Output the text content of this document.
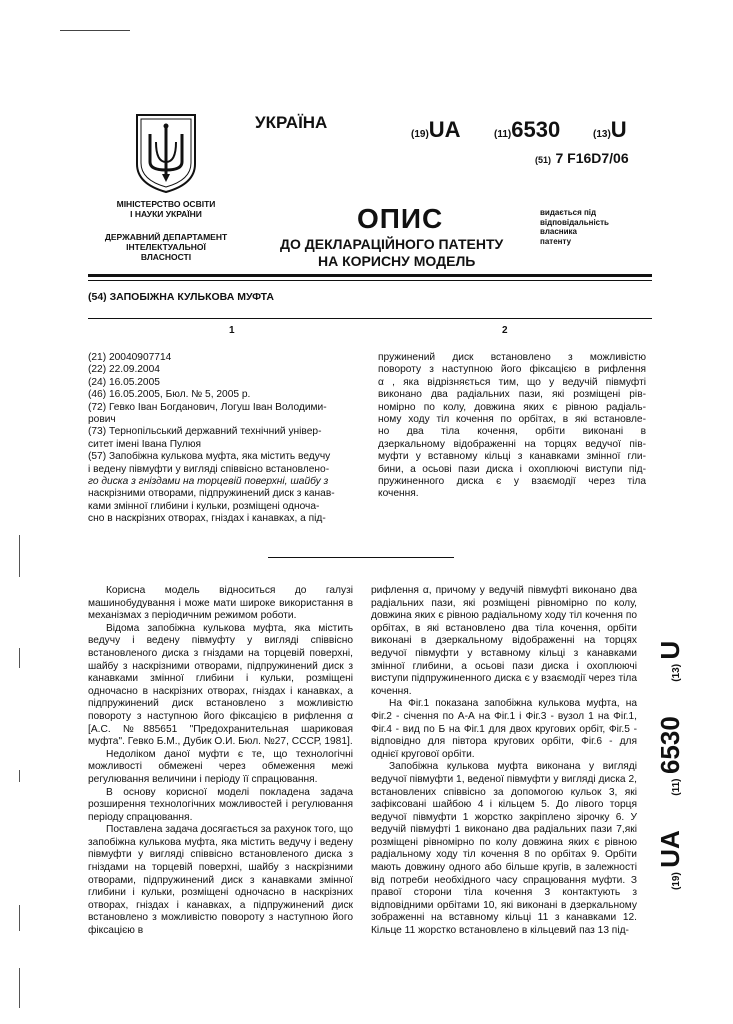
МІНІСТЕРСТВО ОСВІТИ
І НАУКИ УКРАЇНИ
ДЕРЖАВНИЙ ДЕПАРТАМЕНТ
ІНТЕЛЕКТУАЛЬНОЇ
ВЛАСНОСТІ
УКРАЇНА
(19)UA	(11)6530	(13)U
(51) 7 F16D7/06
ОПИС
ДО ДЕКЛАРАЦІЙНОГО ПАТЕНТУ
НА КОРИСНУ МОДЕЛЬ
видається під
відповідальність
власника
патенту
(54) ЗАПОБІЖНА КУЛЬКОВА МУФТА
1	2
(21) 20040907714
(22) 22.09.2004
(24) 16.05.2005
(46) 16.05.2005, Бюл. № 5, 2005 р.
(72) Гевко Іван Богданович, Логуш Іван Володими-
рович
(73) Тернопільський державний технічний універ-
ситет імені Івана Пулюя
(57) Запобіжна кулькова муфта, яка містить ведучу
і ведену півмуфти у вигляді співвісно встановлено-
го диска з гніздами на торцевій поверхні, шайбу з
наскрізними отворами, підпружинений диск з канав-
ками змінної глибини і кульки, розміщені одноча-
сно в наскрізних отворах, гніздах і канавках, а під-
пружинений диск встановлено з можливістю
повороту з наступною його фіксацією в рифлення
α , яка відрізняється тим, що у ведучій півмуфті
виконано два радіальних пази, які розміщені рів-
номірно по колу, довжина яких є рівною радіаль-
ному ходу тіл кочення по орбітах, в які встановле-
но два тіла кочення, орбіти виконані в
дзеркальному відображенні на торцях ведучої пів-
муфти у вставному кільці з канавками змінної гли-
бини, а осьові пази диска і охоплюючі виступи під-
пружиненного диска є у взаємодії через тіла
кочення.

Корисна модель відноситься до галузі машинобудування і може мати широке використання в механізмах з періодичним режимом роботи.

Відома запобіжна кулькова муфта, яка містить ведучу і ведену півмуфту у вигляді співвісно встановленого диска з гніздами на торцевій поверхні, шайбу з наскрізними отворами, підпружинений диск з канавками змінної глибини і кульки, розміщені одночасно в наскрізних отворах, гніздах і канавках, а підпружинений диск встановлено з можливістю повороту з наступною його фіксацією в рифлення α [А.С. №885651 "Предохранительная шариковая муфта". Гевко Б.М., Дубик О.И. Бюл. №27, СССР, 1981].

Недоліком даної муфти є те, що технологічні можливості обмежені через обмеження межі регулювання величини і періоду її спрацювання.

В основу корисної моделі покладена задача розширення технологічних можливостей і регулювання періоду спрацювання.

Поставлена задача досягається за рахунок того, що запобіжна кулькова муфта, яка містить ведучу і ведену півмуфти у вигляді співвісно встановленого диска з гніздами на торцевій поверхні, шайбу з наскрізними отворами, підпружинений диск з канавками змінної глибини і кульки, розміщені одночасно в наскрізних отворах, гніздах і канавках, а підпружинений диск встановлено з можливістю повороту з наступною його фіксацією в

рифлення α, причому у ведучій півмуфті виконано два радіальних пази, які розміщені рівномірно по колу, довжина яких є рівною радіальному ходу тіл кочення по орбітах, в які встановлено два тіла кочення, орбіти виконані в дзеркальному відображенні на торцях ведучої півмуфти у вставному кільці з канавками змінної глибини, а осьові пази диска і охоплюючі виступи підпружиненного диска є у взаємодії через тіла кочення.

На Фіг.1 показана запобіжна кулькова муфта, на Фіг.2 - січення по А-А на Фіг.1 і Фіг.3 - вузол 1 на Фіг.1, Фіг.4 - вид по Б на Фіг.1 для двох кругових орбіт, Фіг.5 - відповідно для півтора кругових орбіти, Фіг.6 - для однієї кругової орбіти.

Запобіжна кулькова муфта виконана у вигляді ведучої півмуфти 1, веденої півмуфти у вигляді диска 2, встановлених співвісно за допомогою кульок 3, які зафіксовані шайбою 4 і кільцем 5. До лівого торця ведучої півмуфти 1 жорстко закріплено зірочку 6. У ведучій півмуфті 1 виконано два радіальних пази 7,які розміщені рівномірно по колу довжина яких є рівною радіальному ходу тіл кочення 8 по орбітах 9. Орбіти мають довжину одного або більше кругів, в залежності від потреби необхідного часу спрацювання муфти. З правої сторони тіла кочення 3 контактують з відповідними орбітами 10, які виконані в дзеркальному зображенні на вставному кільці 11 з канавками 12. Кільце 11 жорстко встановлено в кільцевий паз 13 під-

(19) UA (11) 6530 (13) U
